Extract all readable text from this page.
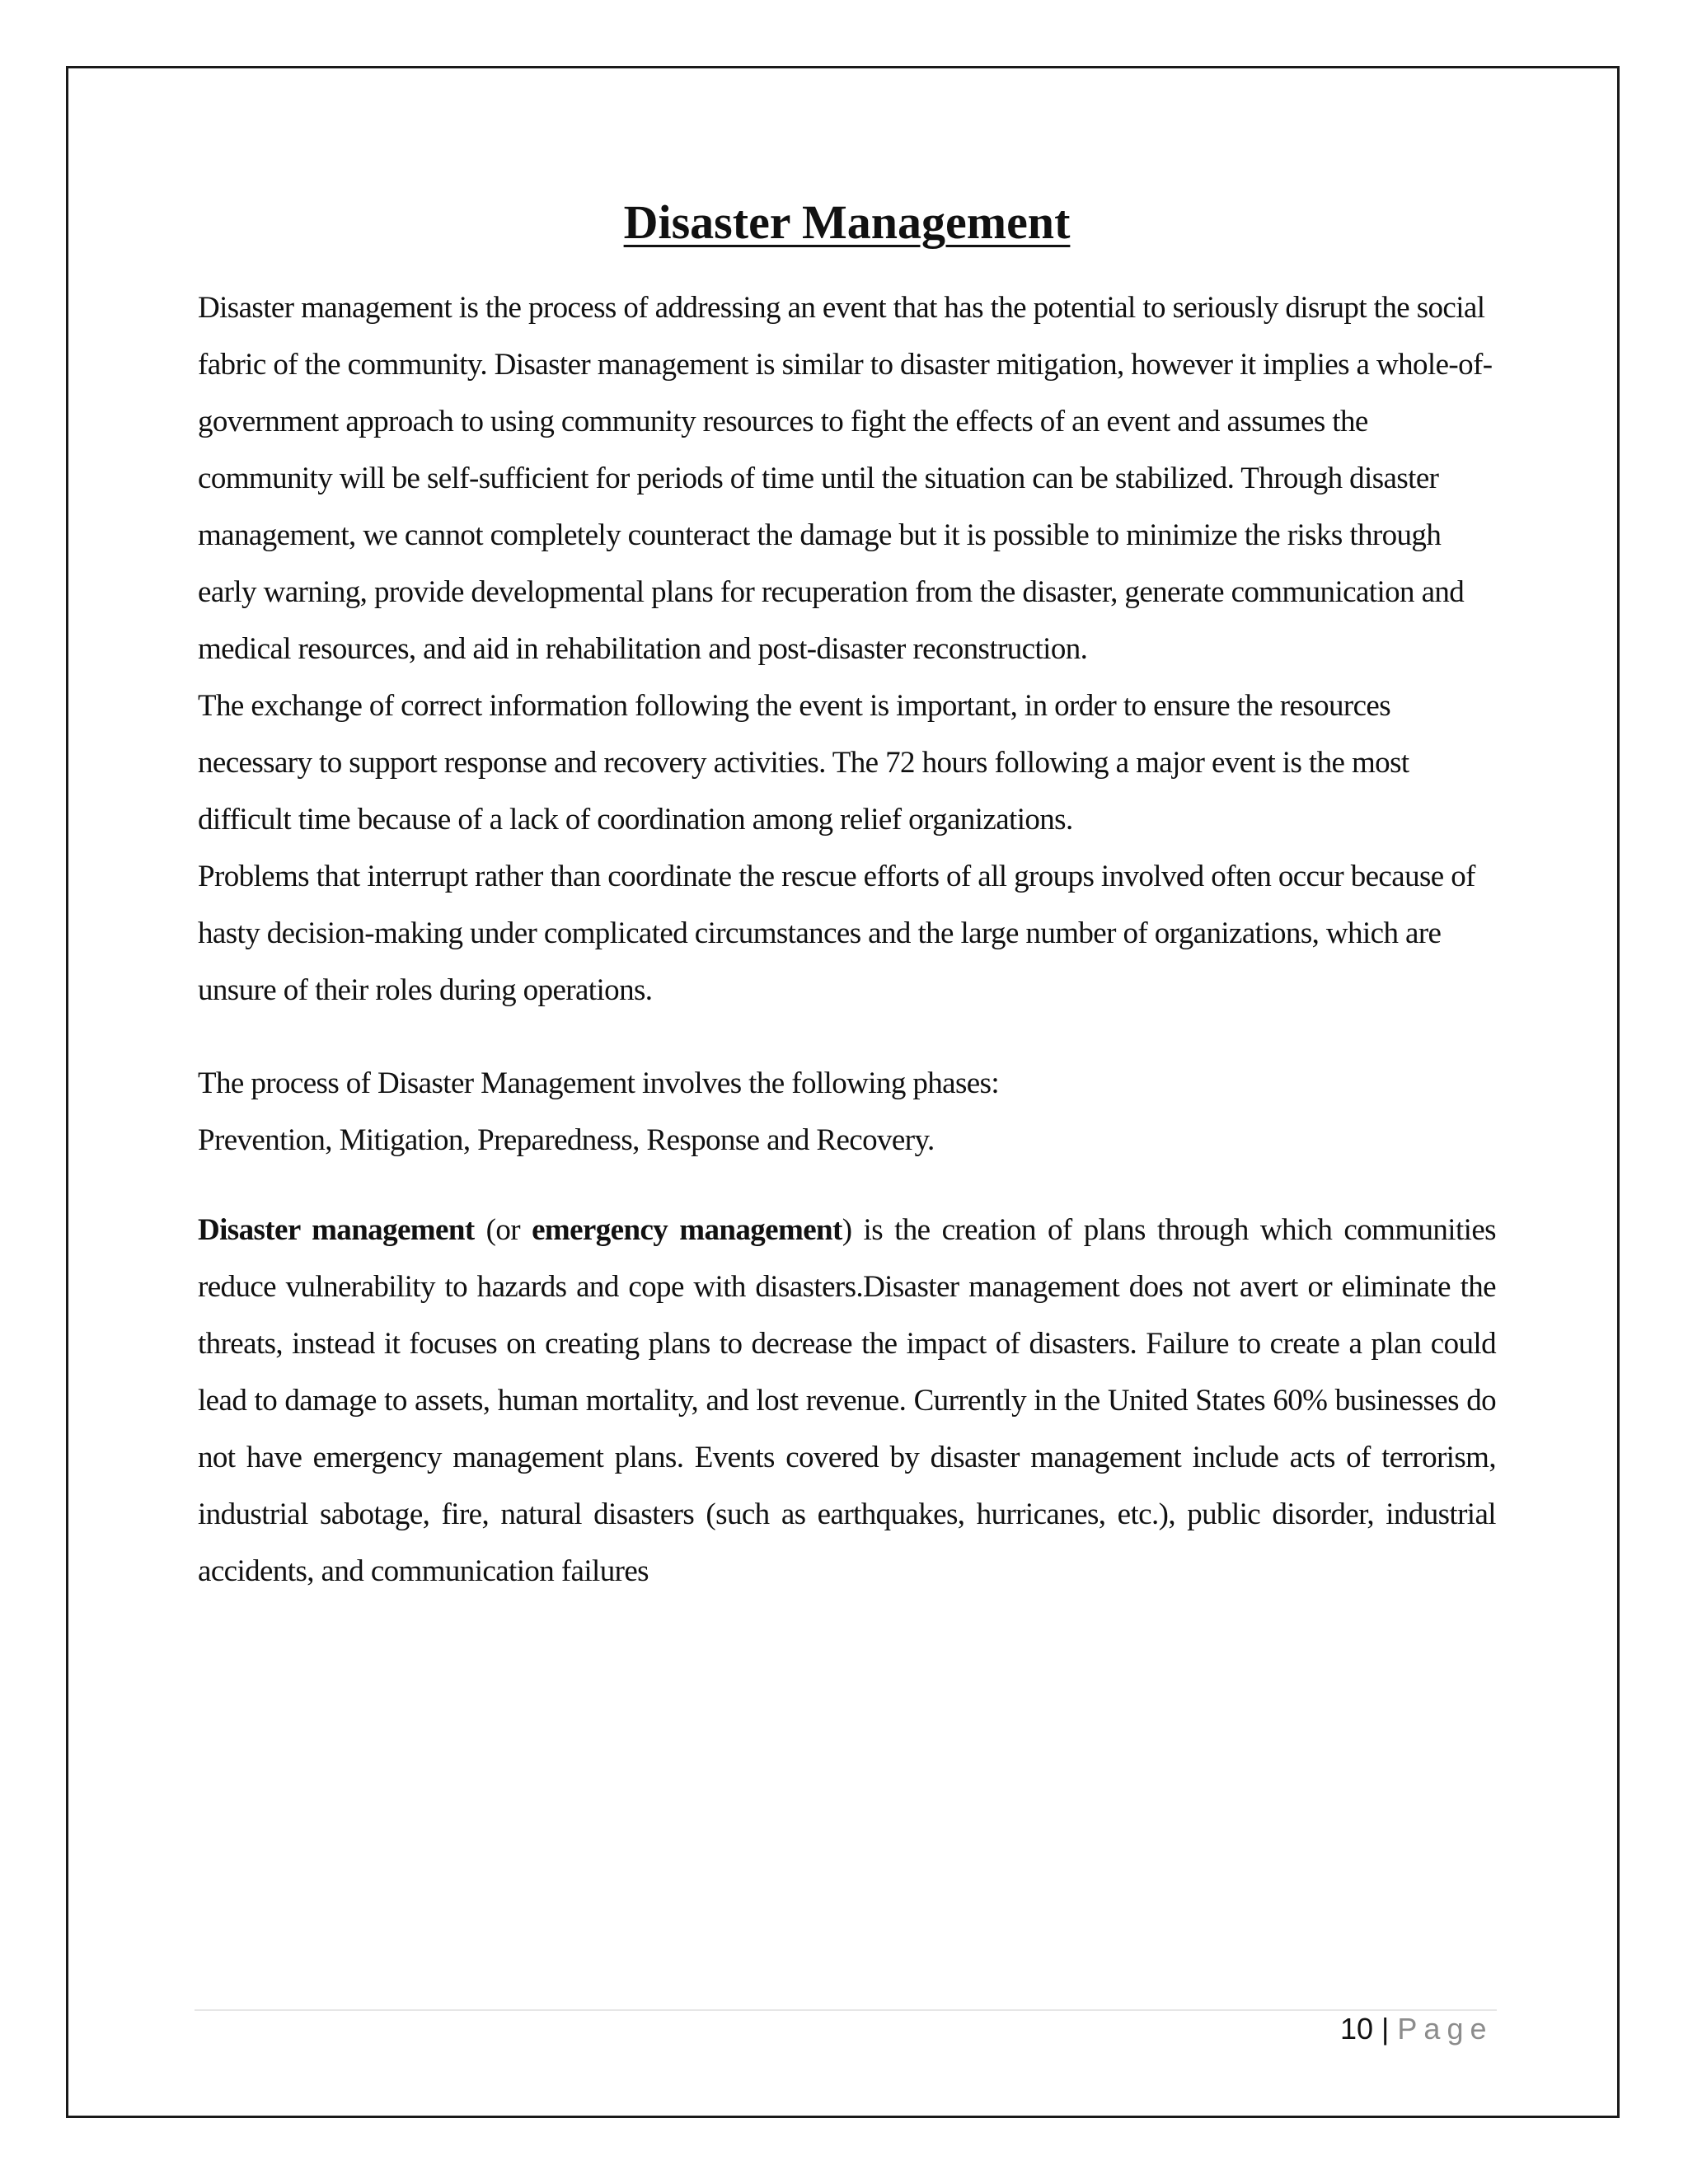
Disaster Management

Disaster management is the process of addressing an event that has the potential to seriously disrupt the social fabric of the community. Disaster management is similar to disaster mitigation, however it implies a whole-of-government approach to using community resources to fight the effects of an event and assumes the community will be self-sufficient for periods of time until the situation can be stabilized. Through disaster management, we cannot completely counteract the damage but it is possible to minimize the risks through early warning, provide developmental plans for recuperation from the disaster, generate communication and medical resources, and aid in rehabilitation and post-disaster reconstruction.

The exchange of correct information following the event is important, in order to ensure the resources necessary to support response and recovery activities. The 72 hours following a major event is the most difficult time because of a lack of coordination among relief organizations.

Problems that interrupt rather than coordinate the rescue efforts of all groups involved often occur because of hasty decision-making under complicated circumstances and the large number of organizations, which are unsure of their roles during operations.

The process of Disaster Management involves the following phases:

Prevention, Mitigation, Preparedness, Response and Recovery.

Disaster management (or emergency management) is the creation of plans through which communities reduce vulnerability to hazards and cope with disasters.Disaster management does not avert or eliminate the threats, instead it focuses on creating plans to decrease the impact of disasters. Failure to create a plan could lead to damage to assets, human mortality, and lost revenue. Currently in the United States 60% businesses do not have emergency management plans. Events covered by disaster management include acts of terrorism, industrial sabotage, fire, natural disasters (such as earthquakes, hurricanes, etc.), public disorder, industrial accidents, and communication failures

10 | Page
